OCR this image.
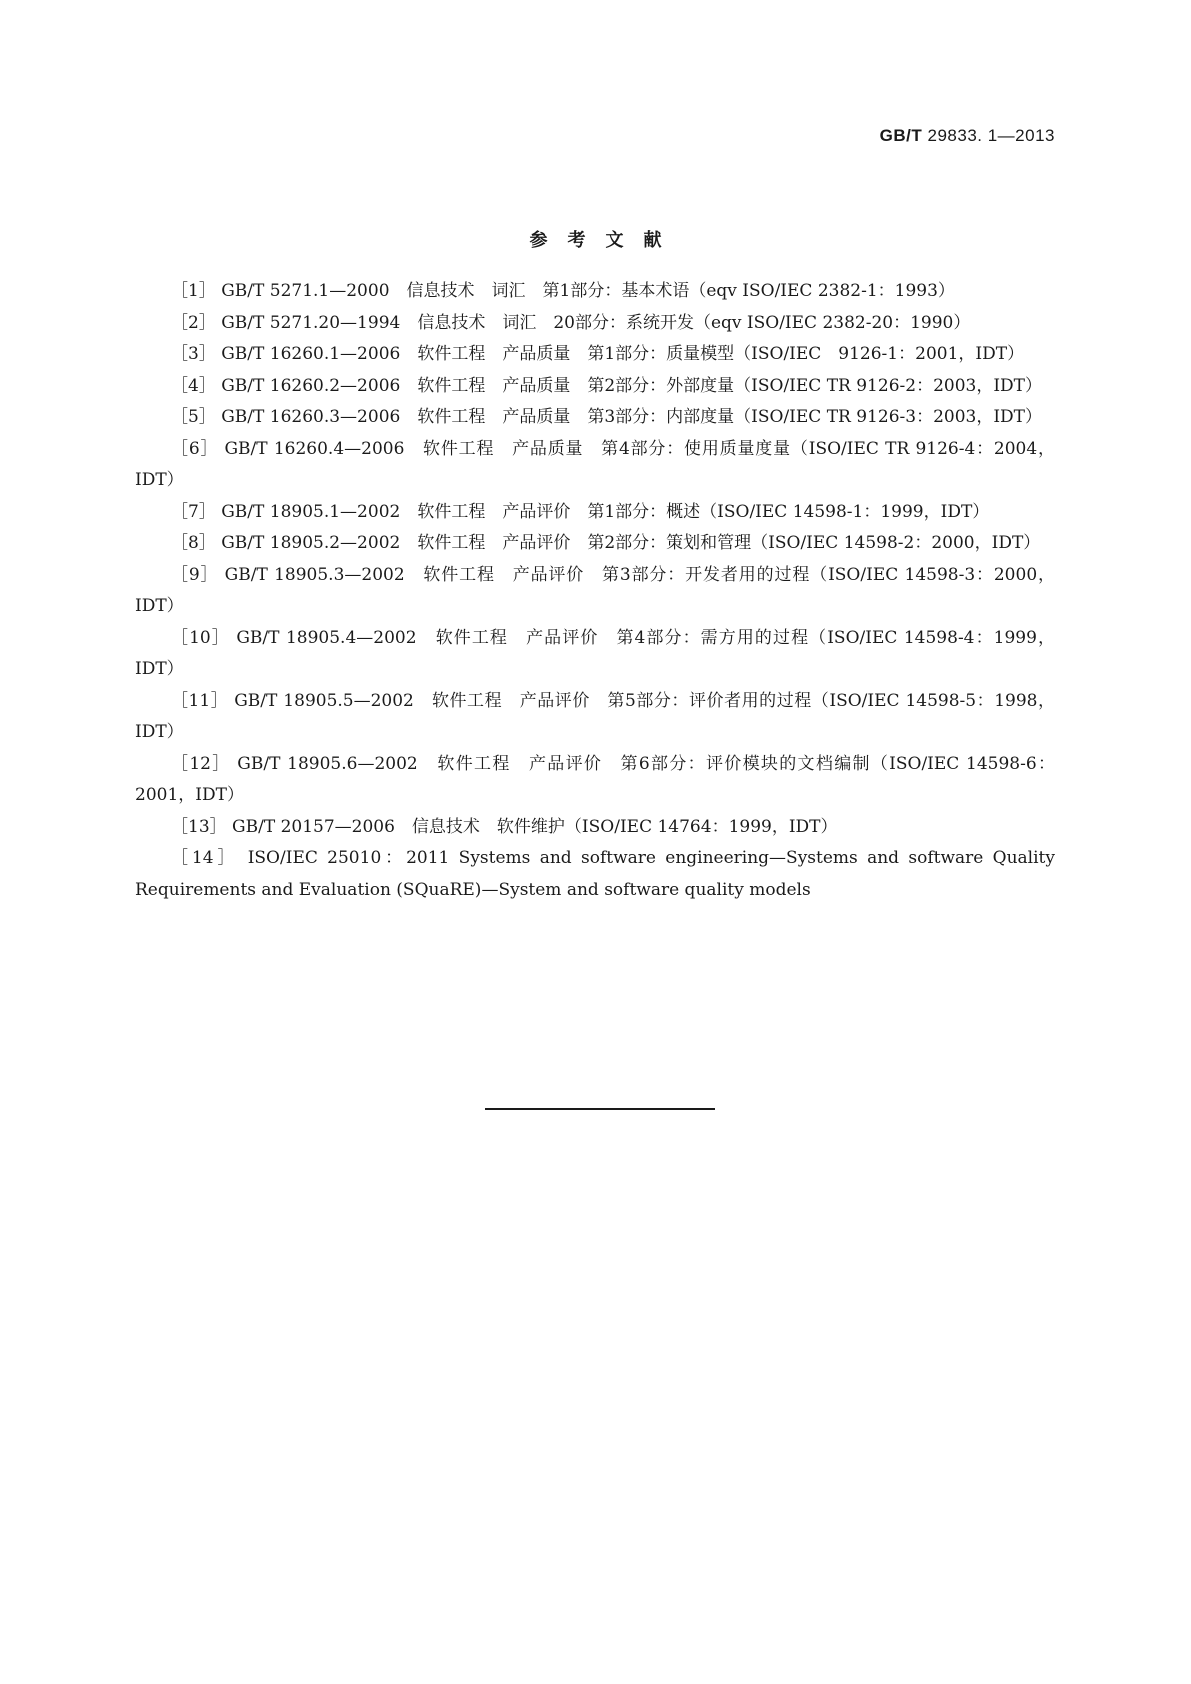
GB/T 29833. 1—2013
参考文献

［1］ GB/T 5271.1—2000　信息技术　词汇　第1部分：基本术语（eqv ISO/IEC 2382-1：1993）

［2］ GB/T 5271.20—1994　信息技术　词汇　20部分：系统开发（eqv ISO/IEC 2382-20：1990）

［3］ GB/T 16260.1—2006　软件工程　产品质量　第1部分：质量模型（ISO/IEC　9126-1：2001，IDT）

［4］ GB/T 16260.2—2006　软件工程　产品质量　第2部分：外部度量（ISO/IEC TR 9126-2：2003，IDT）

［5］ GB/T 16260.3—2006　软件工程　产品质量　第3部分：内部度量（ISO/IEC TR 9126-3：2003，IDT）

［6］ GB/T 16260.4—2006　软件工程　产品质量　第4部分：使用质量度量（ISO/IEC TR 9126-4：2004，IDT）

［7］ GB/T 18905.1—2002　软件工程　产品评价　第1部分：概述（ISO/IEC 14598-1：1999，IDT）

［8］ GB/T 18905.2—2002　软件工程　产品评价　第2部分：策划和管理（ISO/IEC 14598-2：2000，IDT）

［9］ GB/T 18905.3—2002　软件工程　产品评价　第3部分：开发者用的过程（ISO/IEC 14598-3：2000，IDT）

［10］ GB/T 18905.4—2002　软件工程　产品评价　第4部分：需方用的过程（ISO/IEC 14598-4：1999，IDT）

［11］ GB/T 18905.5—2002　软件工程　产品评价　第5部分：评价者用的过程（ISO/IEC 14598-5：1998，IDT）

［12］ GB/T 18905.6—2002　软件工程　产品评价　第6部分：评价模块的文档编制（ISO/IEC 14598-6：2001，IDT）

［13］ GB/T 20157—2006　信息技术　软件维护（ISO/IEC 14764：1999，IDT）

［14］ ISO/IEC 25010：2011 Systems and software engineering—Systems and software Quality Requirements and Evaluation (SQuaRE)—System and software quality models
